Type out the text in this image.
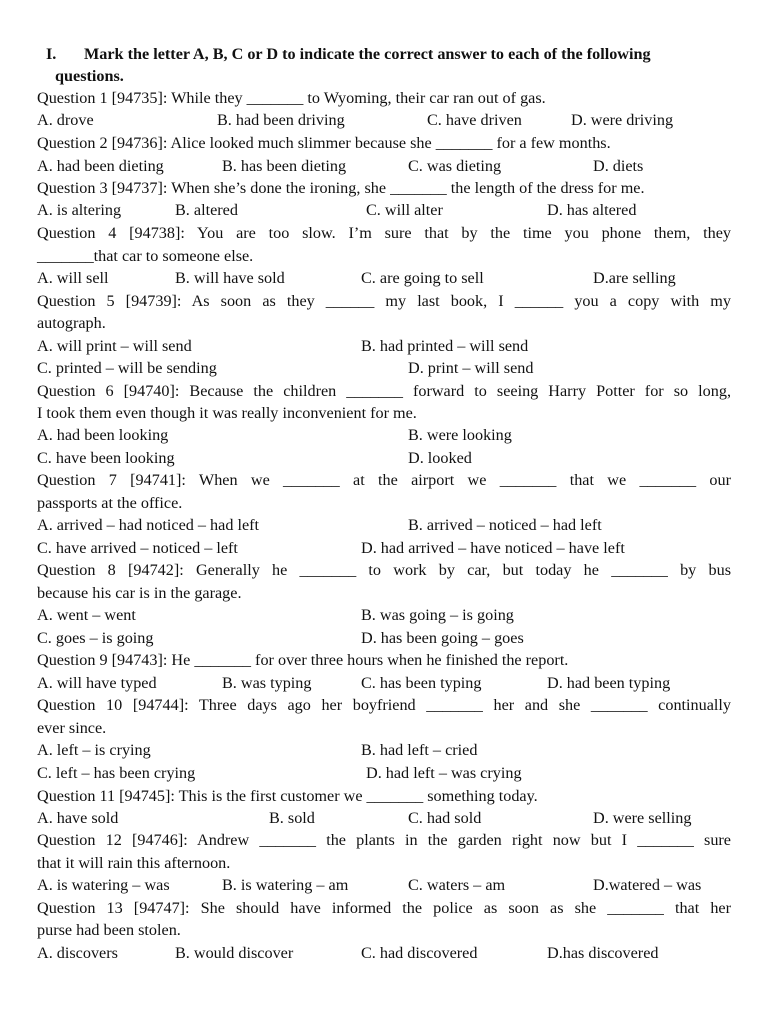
I. Mark the letter A, B, C or D to indicate the correct answer to each of the following
questions.
Question 1 [94735]: While they _______ to Wyoming, their car ran out of gas.
A. drove	B. had been driving	C. have driven	D. were driving
Question 2 [94736]: Alice looked much slimmer because she _______ for a few months.
A. had been dieting	B. has been dieting	C. was dieting	D. diets
Question 3 [94737]: When she’s done the ironing, she _______ the length of the dress for me.
A. is altering	B. altered	C. will alter	D. has altered
Question 4 [94738]: You are too slow. I’m sure that by the time you phone them, they
_______that car to someone else.
A. will sell	B. will have sold	C. are going to sell	D.are selling
Question 5 [94739]: As soon as they ______ my last book, I ______ you a copy with my
autograph.
A. will print – will send	B. had printed – will send
C. printed – will be sending	D. print – will send
Question 6 [94740]: Because the children _______ forward to seeing Harry Potter for so long,
I took them even though it was really inconvenient for me.
A. had been looking	B. were looking
C. have been looking	D. looked
Question 7 [94741]: When we _______ at the airport we _______ that we _______ our
passports at the office.
A. arrived – had noticed – had left	B. arrived – noticed – had left
C. have arrived – noticed – left	D. had arrived – have noticed – have left
Question 8 [94742]: Generally he _______ to work by car, but today he _______ by bus
because his car is in the garage.
A. went – went	B. was going – is going
C. goes – is going	D. has been going – goes
Question 9 [94743]: He _______ for over three hours when he finished the report.
A. will have typed	B. was typing	C. has been typing	D. had been typing
Question 10 [94744]: Three days ago her boyfriend _______ her and she _______ continually
ever since.
A. left – is crying	B. had left – cried
C. left – has been crying	D. had left – was crying
Question 11 [94745]: This is the first customer we _______ something today.
A. have sold	B. sold	C. had sold	D. were selling
Question 12 [94746]: Andrew _______ the plants in the garden right now but I _______ sure
that it will rain this afternoon.
A. is watering – was	B. is watering – am	C. waters – am	D.watered – was
Question 13 [94747]: She should have informed the police as soon as she _______ that her
purse had been stolen.
A. discovers	B. would discover	C. had discovered	D.has discovered
